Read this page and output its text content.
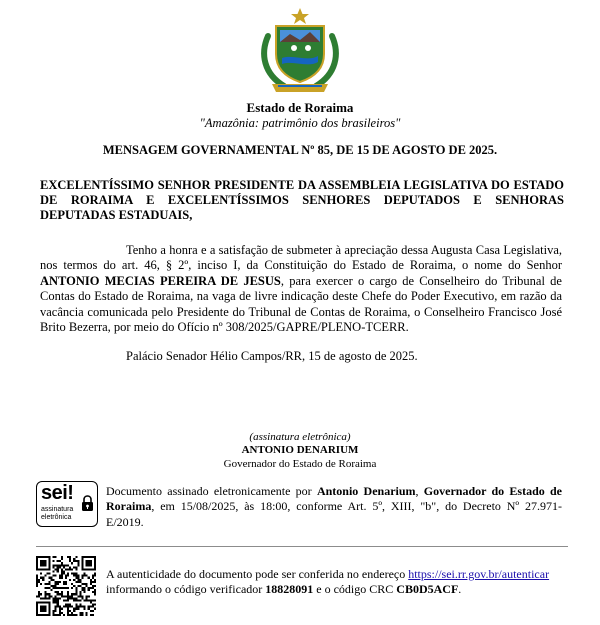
Estado de Roraima
"Amazônia: patrimônio dos brasileiros"
MENSAGEM GOVERNAMENTAL Nº 85, DE 15 DE AGOSTO DE 2025.
EXCELENTÍSSIMO SENHOR PRESIDENTE DA ASSEMBLEIA LEGISLATIVA DO ESTADO DE RORAIMA E EXCELENTÍSSIMOS SENHORES DEPUTADOS E SENHORAS DEPUTADAS ESTADUAIS,
Tenho a honra e a satisfação de submeter à apreciação dessa Augusta Casa Legislativa, nos termos do art. 46, § 2º, inciso I, da Constituição do Estado de Roraima, o nome do Senhor ANTONIO MECIAS PEREIRA DE JESUS, para exercer o cargo de Conselheiro do Tribunal de Contas do Estado de Roraima, na vaga de livre indicação deste Chefe do Poder Executivo, em razão da vacância comunicada pelo Presidente do Tribunal de Contas de Roraima, o Conselheiro Francisco José Brito Bezerra, por meio do Ofício nº 308/2025/GAPRE/PLENO-TCERR.
Palácio Senador Hélio Campos/RR, 15 de agosto de 2025.
(assinatura eletrônica)
ANTONIO DENARIUM
Governador do Estado de Roraima
sei!
assinatura
eletrônica
Documento assinado eletronicamente por Antonio Denarium, Governador do Estado de Roraima, em 15/08/2025, às 18:00, conforme Art. 5º, XIII, "b", do Decreto Nº 27.971-E/2019.
A autenticidade do documento pode ser conferida no endereço https://sei.rr.gov.br/autenticar informando o código verificador 18828091 e o código CRC CB0D5ACF.
